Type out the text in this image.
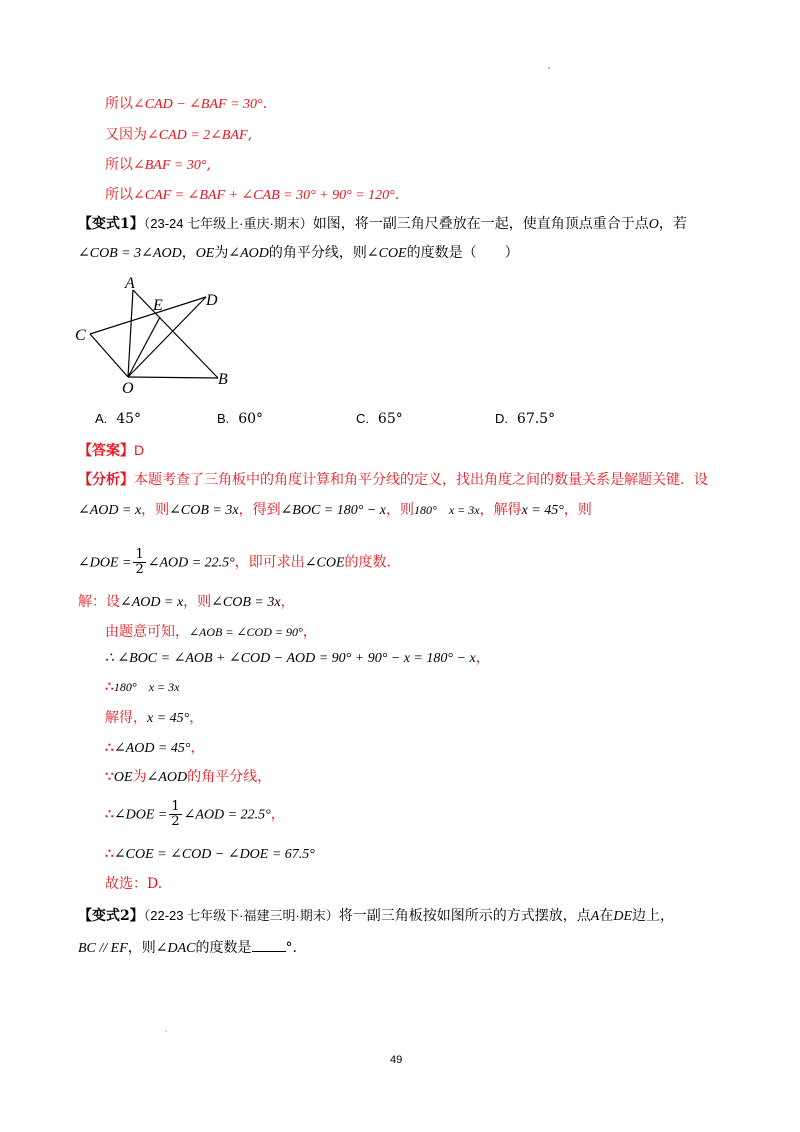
所以∠CAD − ∠BAF = 30°.
又因为∠CAD = 2∠BAF,
所以∠BAF = 30°,
所以∠CAF = ∠BAF + ∠CAB = 30° + 90° = 120°.
【变式1】（23-24 七年级上·重庆·期末）如图，将一副三角尺叠放在一起，使直角顶点重合于点O，若
∠COB = 3∠AOD，OE为∠AOD的角平分线，则∠COE的度数是（　　）
A
E	D
C
O
B
A. 45°	B. 60°	C. 65°	D. 67.5°
【答案】D
【分析】本题考查了三角板中的角度计算和角平分线的定义，找出角度之间的数量关系是解题关键．设
∠AOD = x，则∠COB = 3x，得到∠BOC = 180° − x，则180°　x = 3x，解得x = 45°，则
∠DOE = $\frac{1}{2}$ ∠AOD = 22.5°，即可求出∠COE的度数．
解：设∠AOD = x，则∠COB = 3x，
由题意可知，∠AOB = ∠COD = 90°，
∴ ∠BOC = ∠AOB + ∠COD − AOD = 90° + 90° − x = 180° − x，
∴180°　x = 3x
解得，x = 45°，
∴∠AOD = 45°，
∵OE为∠AOD的角平分线，
∴∠DOE = $\frac{1}{2}$ ∠AOD = 22.5°，
∴∠COE = ∠COD − ∠DOE = 67.5°
故选：D.
【变式2】（22-23 七年级下·福建三明·期末）将一副三角板按如图所示的方式摆放，点A在DE边上，
BC // EF，则∠DAC的度数是 °．
49
